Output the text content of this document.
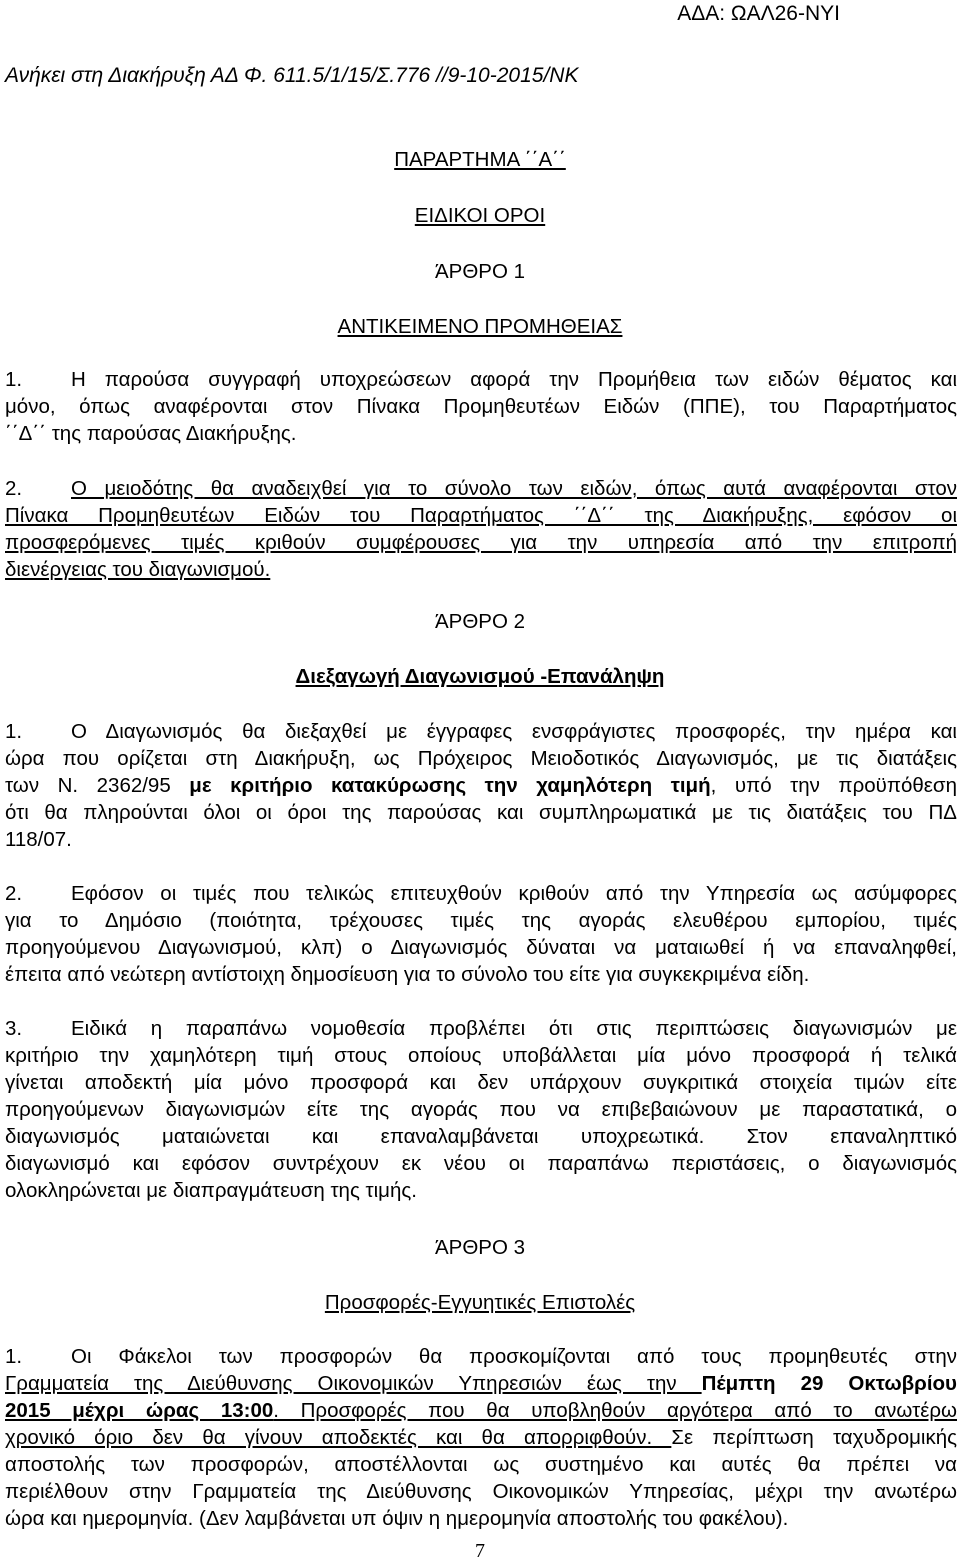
ΑΔΑ: ΩΑΛ26-ΝΥΙ
Ανήκει στη Διακήρυξη ΑΔ Φ. 611.5/1/15/Σ.776 //9-10-2015/ΝΚ
ΠΑΡΑΡΤΗΜΑ ΄΄Α΄΄
ΕΙΔΙΚΟΙ ΟΡΟΙ
ΆΡΘΡΟ 1
ΑΝΤΙΚΕΙΜΕΝΟ ΠΡΟΜΗΘΕΙΑΣ
1. Η παρούσα συγγραφή υποχρεώσεων αφορά την Προμήθεια των ειδών θέματος και
μόνο, όπως αναφέρονται στον Πίνακα Προμηθευτέων Ειδών (ΠΠΕ), του Παραρτήματος
΄΄Δ΄΄ της παρούσας Διακήρυξης.
2. Ο μειοδότης θα αναδειχθεί για το σύνολο των ειδών, όπως αυτά αναφέρονται στον
Πίνακα Προμηθευτέων Ειδών του Παραρτήματος ΄΄Δ΄΄ της Διακήρυξης, εφόσον οι
προσφερόμενες τιμές κριθούν συμφέρουσες για την υπηρεσία από την επιτροπή
διενέργειας του διαγωνισμού.
ΆΡΘΡΟ 2
Διεξαγωγή Διαγωνισμού -Επανάληψη
1. Ο Διαγωνισμός θα διεξαχθεί με έγγραφες ενσφράγιστες προσφορές, την ημέρα και
ώρα που ορίζεται στη Διακήρυξη, ως Πρόχειρος Μειοδοτικός Διαγωνισμός, με τις διατάξεις
των Ν. 2362/95 με κριτήριο κατακύρωσης την χαμηλότερη τιμή, υπό την προϋπόθεση
ότι θα πληρούνται όλοι οι όροι της παρούσας και συμπληρωματικά με τις διατάξεις του ΠΔ
118/07.
2. Εφόσον οι τιμές που τελικώς επιτευχθούν κριθούν από την Υπηρεσία ως ασύμφορες
για το Δημόσιο (ποιότητα, τρέχουσες τιμές της αγοράς ελευθέρου εμπορίου, τιμές
προηγούμενου Διαγωνισμού, κλπ) ο Διαγωνισμός δύναται να ματαιωθεί ή να επαναληφθεί,
έπειτα από νεώτερη αντίστοιχη δημοσίευση για το σύνολο του είτε για συγκεκριμένα είδη.
3. Ειδικά η παραπάνω νομοθεσία προβλέπει ότι στις περιπτώσεις διαγωνισμών με
κριτήριο την χαμηλότερη τιμή στους οποίους υποβάλλεται μία μόνο προσφορά ή τελικά
γίνεται αποδεκτή μία μόνο προσφορά και δεν υπάρχουν συγκριτικά στοιχεία τιμών είτε
προηγούμενων διαγωνισμών είτε της αγοράς που να επιβεβαιώνουν με παραστατικά, ο
διαγωνισμός ματαιώνεται και επαναλαμβάνεται υποχρεωτικά. Στον επαναληπτικό
διαγωνισμό και εφόσον συντρέχουν εκ νέου οι παραπάνω περιστάσεις, ο διαγωνισμός
ολοκληρώνεται με διαπραγμάτευση της τιμής.
ΆΡΘΡΟ 3
Προσφορές-Εγγυητικές Επιστολές
1. Οι Φάκελοι των προσφορών θα προσκομίζονται από τους προμηθευτές στην
Γραμματεία της Διεύθυνσης Οικονομικών Υπηρεσιών έως την Πέμπτη 29 Οκτωβρίου
2015 μέχρι ώρας 13:00. Προσφορές που θα υποβληθούν αργότερα από το ανωτέρω
χρονικό όριο δεν θα γίνουν αποδεκτές και θα απορριφθούν. Σε περίπτωση ταχυδρομικής
αποστολής των προσφορών, αποστέλλονται ως συστημένο και αυτές θα πρέπει να
περιέλθουν στην Γραμματεία της Διεύθυνσης Οικονομικών Υπηρεσίας, μέχρι την ανωτέρω
ώρα και ημερομηνία. (Δεν λαμβάνεται υπ όψιν η ημερομηνία αποστολής του φακέλου).
7
